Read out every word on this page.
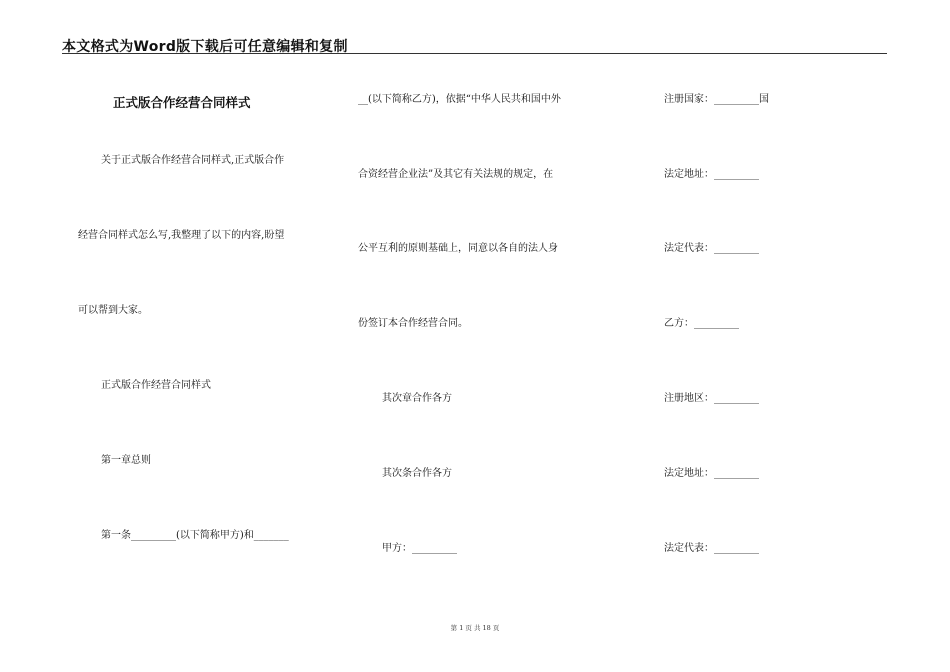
本文格式为Word版下载后可任意编辑和复制
正式版合作经营合同样式
关于正式版合作经营合同样式,正式版合作
经营合同样式怎么写,我整理了以下的内容,盼望
可以帮到大家。
正式版合作经营合同样式
第一章总则
第一条_________(以下简称甲方)和_______
__(以下简称乙方)，依据“中华人民共和国中外
合资经营企业法”及其它有关法规的规定，在
公平互利的原则基础上，同意以各自的法人身
份签订本合作经营合同。
其次章合作各方
其次条合作各方
甲方：_________
注册国家：_________国
法定地址：_________
法定代表：_________
乙方：_________
注册地区：_________
法定地址：_________
法定代表：_________
第 1 页 共 18 页
